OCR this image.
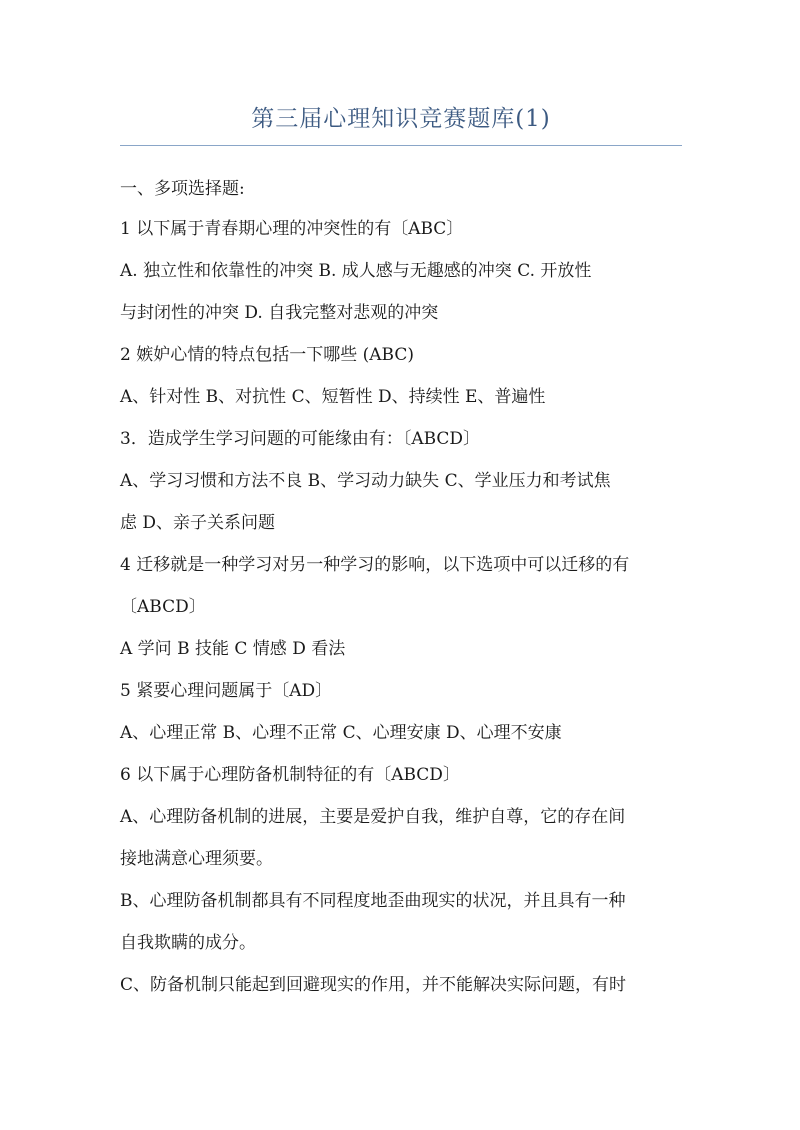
第三届心理知识竞赛题库(1)
一、多项选择题:
1 以下属于青春期心理的冲突性的有〔ABC〕
A. 独立性和依靠性的冲突 B. 成人感与无趣感的冲突 C. 开放性
与封闭性的冲突 D. 自我完整对悲观的冲突
2 嫉妒心情的特点包括一下哪些 (ABC)
A、针对性 B、对抗性 C、短暂性 D、持续性 E、普遍性
3．造成学生学习问题的可能缘由有：〔ABCD〕
A、学习习惯和方法不良 B、学习动力缺失 C、学业压力和考试焦
虑 D、亲子关系问题
4 迁移就是一种学习对另一种学习的影响，以下选项中可以迁移的有
〔ABCD〕
A 学问 B 技能 C 情感 D 看法
5 紧要心理问题属于〔AD〕
A、心理正常 B、心理不正常 C、心理安康 D、心理不安康
6 以下属于心理防备机制特征的有〔ABCD〕
A、心理防备机制的进展，主要是爱护自我，维护自尊，它的存在间
接地满意心理须要。
B、心理防备机制都具有不同程度地歪曲现实的状况，并且具有一种
自我欺瞒的成分。
C、防备机制只能起到回避现实的作用，并不能解决实际问题，有时
